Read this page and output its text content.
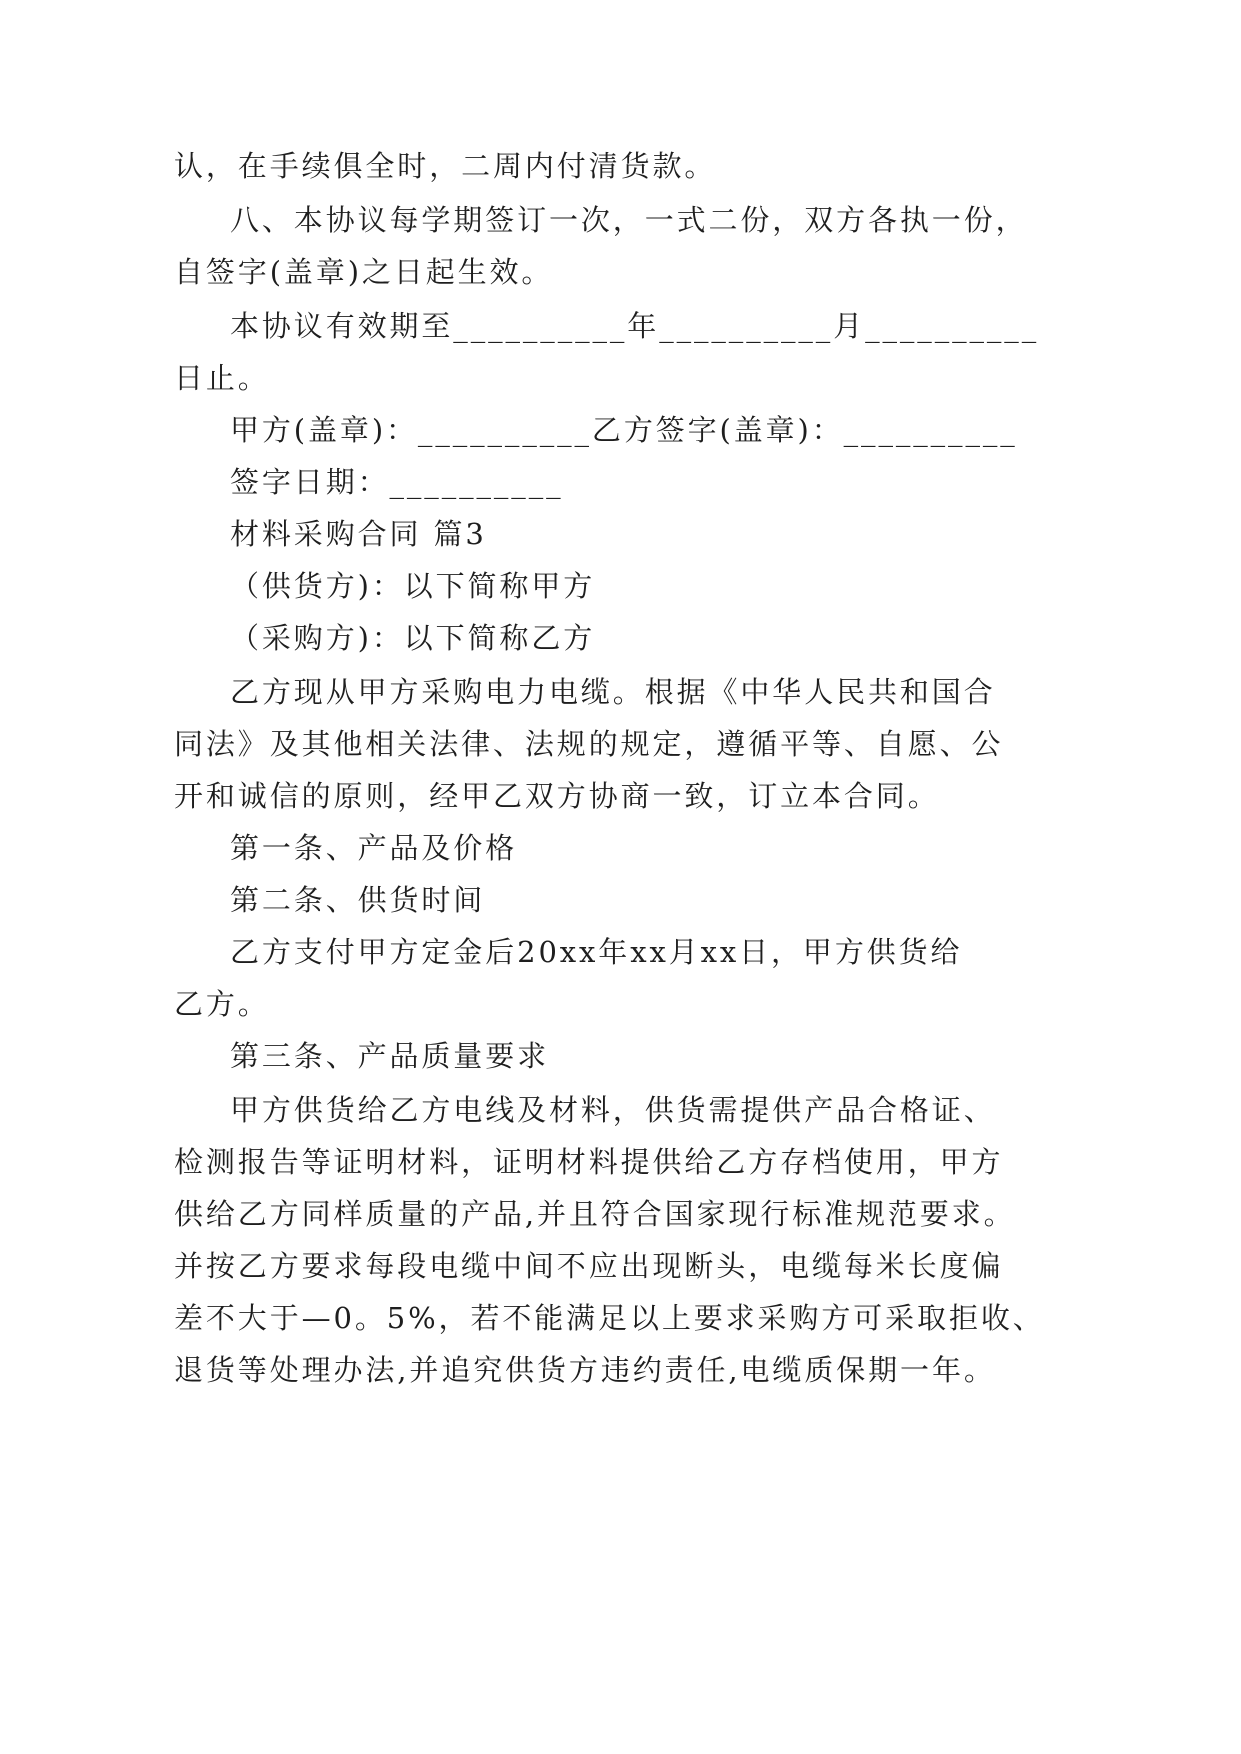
认，在手续俱全时，二周内付清货款。
八、本协议每学期签订一次，一式二份，双方各执一份，
自签字(盖章)之日起生效。
本协议有效期至__________年__________月__________
日止。
甲方(盖章)：__________乙方签字(盖章)：__________
签字日期：__________
材料采购合同 篇3
（供货方)：以下简称甲方
（采购方)：以下简称乙方
乙方现从甲方采购电力电缆。根据《中华人民共和国合
同法》及其他相关法律、法规的规定，遵循平等、自愿、公
开和诚信的原则，经甲乙双方协商一致，订立本合同。
第一条、产品及价格
第二条、供货时间
乙方支付甲方定金后20xx年xx月xx日，甲方供货给
乙方。
第三条、产品质量要求
甲方供货给乙方电线及材料，供货需提供产品合格证、
检测报告等证明材料，证明材料提供给乙方存档使用，甲方
供给乙方同样质量的产品,并且符合国家现行标准规范要求。
并按乙方要求每段电缆中间不应出现断头，电缆每米长度偏
差不大于—0。5%，若不能满足以上要求采购方可采取拒收、
退货等处理办法,并追究供货方违约责任,电缆质保期一年。
